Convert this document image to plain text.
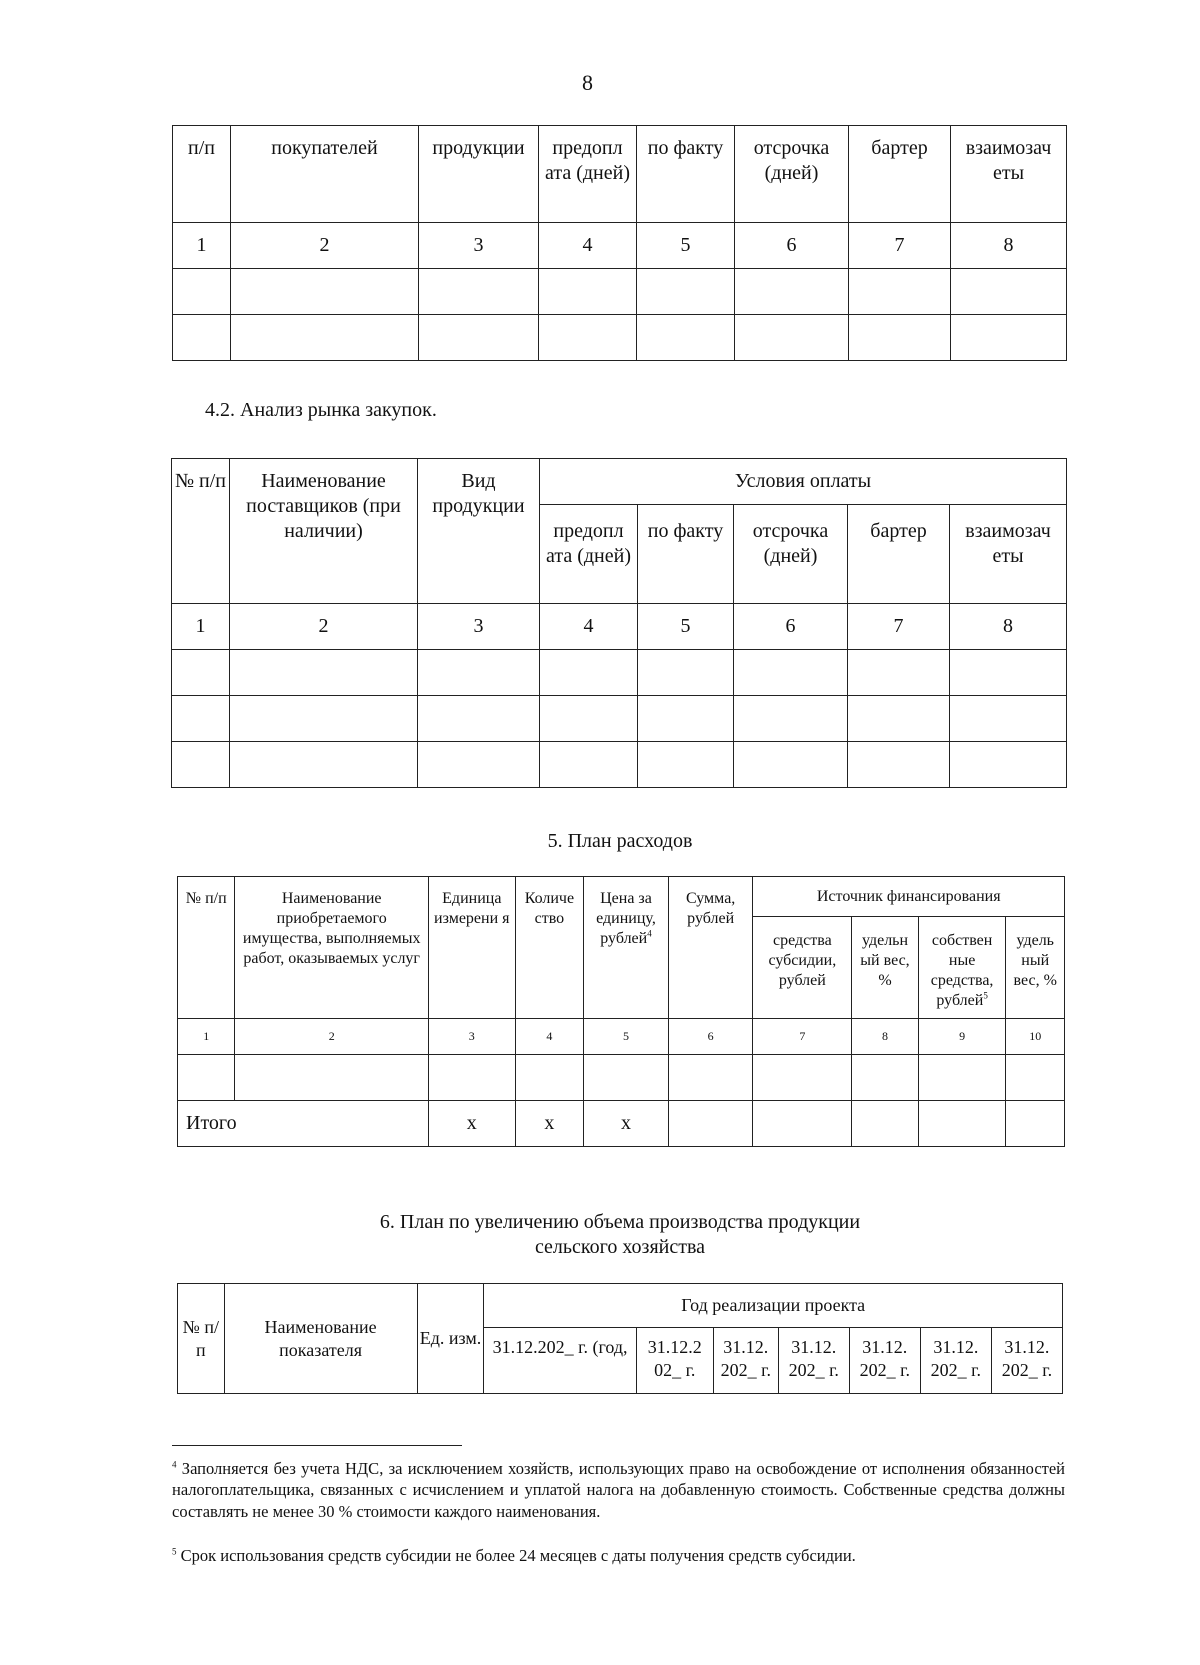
8
п/п	покупателей	продукции	предопл ата (дней)	по факту	отсрочка (дней)	бартер	взаимозач еты
1	2	3	4	5	6	7	8

4.2. Анализ рынка закупок.
№ п/п	Наименование поставщиков (при наличии)	Вид продукции	Условия оплаты				
			предопл ата (дней)	по факту	отсрочка (дней)	бартер	взаимозач еты
1	2	3	4	5	6	7	8

5. План расходов
№ п/п	Наименование приобретаемого имущества, выполняемых работ, оказываемых услуг	Единица измерени я	Количе ство	Цена за единицу, рублей$^4$	Сумма, рублей	Источник финансирования			
						средства субсидии, рублей	удельн ый вес, %	собствен ные средства, рублей$^5$	удель ный вес, %
1	2	3	4	5	6	7	8	9	10

Итого		х	х	х					
6. План по увеличению объема производства продукции
сельского хозяйства
№ п/п	Наименование показателя	Ед. изм.	Год реализации проекта						
			31.12.202_ г. (год,	31.12.2 02_ г.	31.12. 202_ г.	31.12. 202_ г.	31.12. 202_ г.	31.12. 202_ г.	31.12. 202_ г.
$^4$ Заполняется без учета НДС, за исключением хозяйств, использующих право на освобождение от исполнения обязанностей налогоплательщика, связанных с исчислением и уплатой налога на добавленную стоимость. Собственные средства должны составлять не менее 30 % стоимости каждого наименования.
$^5$ Срок использования средств субсидии не более 24 месяцев с даты получения средств субсидии.
